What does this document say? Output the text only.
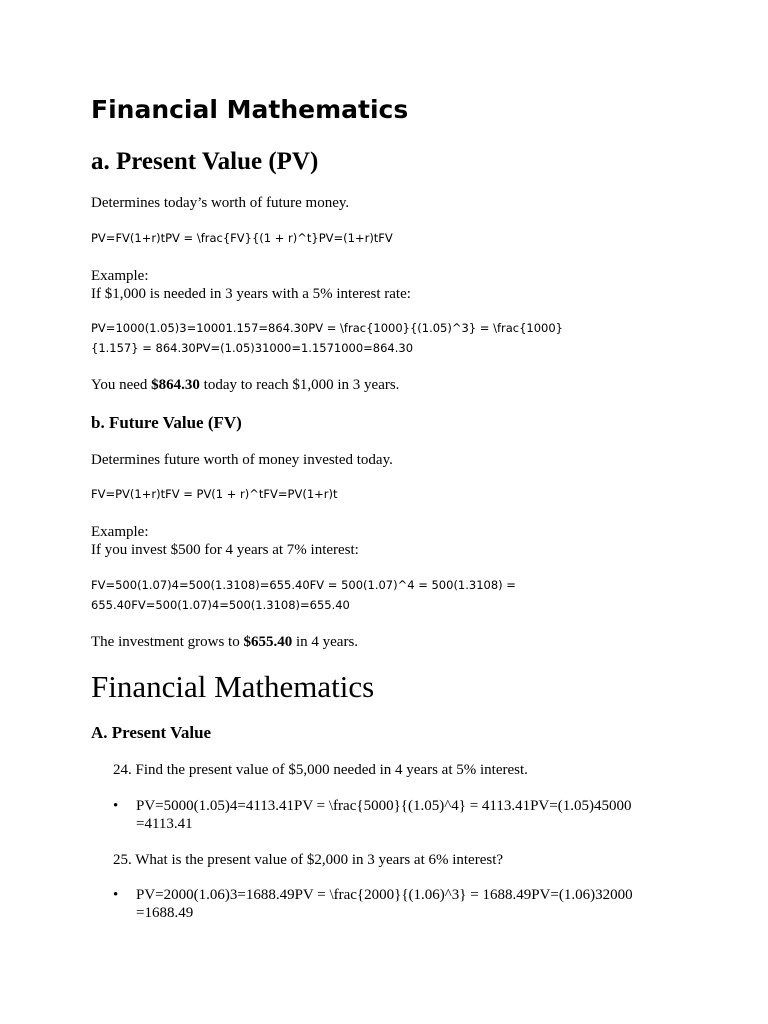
Financial Mathematics
a. Present Value (PV)

Determines today’s worth of future money.

PV=FV(1+r)tPV = \frac{FV}{(1 + r)^t}PV=(1+r)tFV

Example:

If $1,000 is needed in 3 years with a 5% interest rate:

PV=1000(1.05)3=10001.157=864.30PV = \frac{1000}{(1.05)^3} = \frac{1000}{1.157} = 864.30PV=(1.05)31000=1.1571000=864.30

You need $864.30 today to reach $1,000 in 3 years.

b. Future Value (FV)

Determines future worth of money invested today.

FV=PV(1+r)tFV = PV(1 + r)^tFV=PV(1+r)t

Example:

If you invest $500 for 4 years at 7% interest:

FV=500(1.07)4=500(1.3108)=655.40FV = 500(1.07)^4 = 500(1.3108) = 655.40FV=500(1.07)4=500(1.3108)=655.40

The investment grows to $655.40 in 4 years.

Financial Mathematics
A. Present Value

24. Find the present value of $5,000 needed in 4 years at 5% interest.

•	PV=5000(1.05)4=4113.41PV = \frac{5000}{(1.05)^4} = 4113.41PV=(1.05)45000 =4113.41

25. What is the present value of $2,000 in 3 years at 6% interest?

•	PV=2000(1.06)3=1688.49PV = \frac{2000}{(1.06)^3} = 1688.49PV=(1.06)32000 =1688.49
